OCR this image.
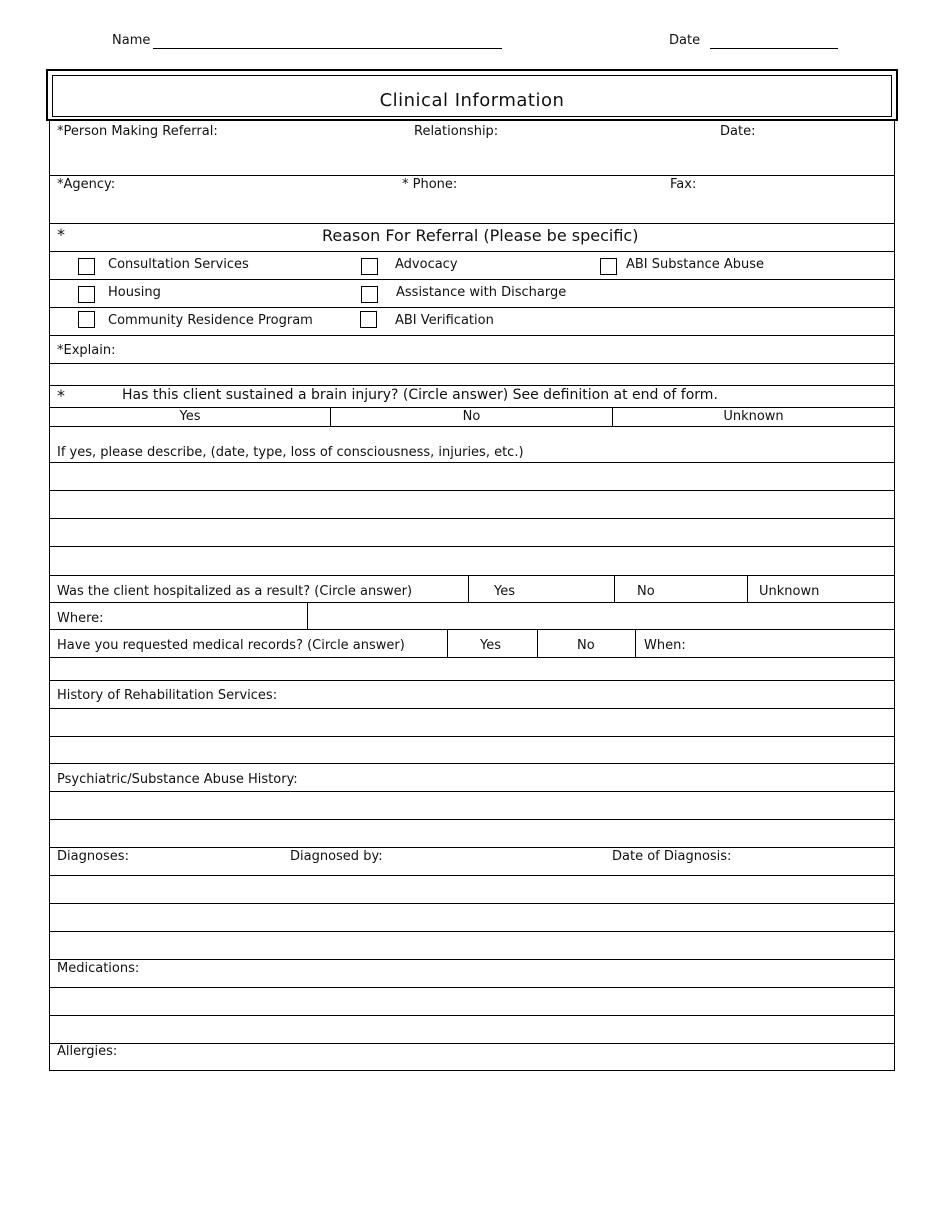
Name	Date
Clinical Information
*Person Making Referral:	Relationship:	Date:
*Agency:	* Phone:	Fax:
*	Reason For Referral (Please be specific)
Consultation Services	Advocacy	ABI Substance Abuse
Housing	Assistance with Discharge
Community Residence Program	ABI Verification
*Explain:
*	Has this client sustained a brain injury? (Circle answer) See definition at end of form.
Yes	No	Unknown
If yes, please describe, (date, type, loss of consciousness, injuries, etc.)
Was the client hospitalized as a result? (Circle answer)	Yes	No	Unknown
Where:
Have you requested medical records? (Circle answer)	Yes	No	When:
History of Rehabilitation Services:
Psychiatric/Substance Abuse History:
Diagnoses:	Diagnosed by:	Date of Diagnosis:
Medications:
Allergies:
